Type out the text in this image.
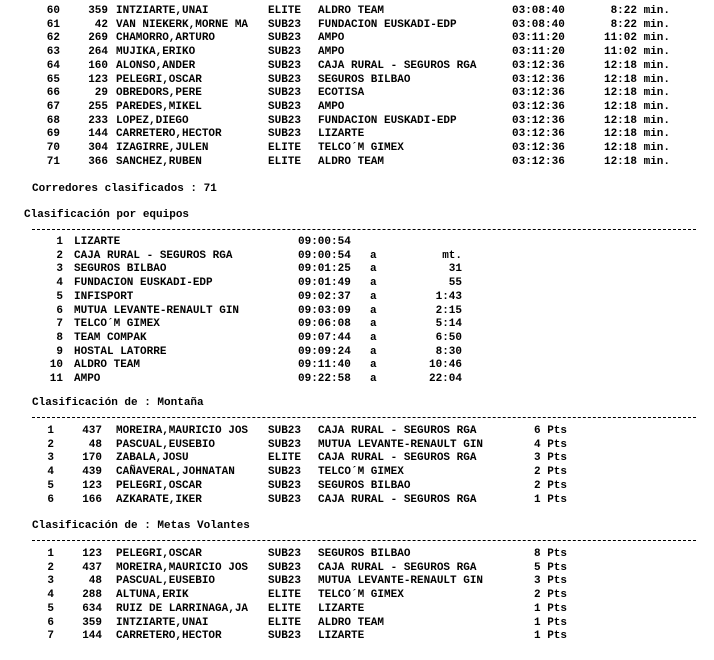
Corredores clasificados : 71
Clasificación por equipos
Clasificación de : Montaña
Clasificación de : Metas Volantes
60	359 INTZIARTE,UNAI	ELITE ALDRO TEAM	03:08:40	8:22 min.
61	42 VAN NIEKERK,MORNE MA SUB23 FUNDACION EUSKADI-EDP	03:08:40	8:22 min.
62	269 CHAMORRO,ARTURO	SUB23 AMPO	03:11:20	11:02 min.
63	264 MUJIKA,ERIKO	SUB23 AMPO	03:11:20	11:02 min.
64	160 ALONSO,ANDER	SUB23 CAJA RURAL - SEGUROS RGA	03:12:36	12:18 min.
65	123 PELEGRI,OSCAR	SUB23 SEGUROS BILBAO	03:12:36	12:18 min.
66	29 OBREDORS,PERE	SUB23 ECOTISA	03:12:36	12:18 min.
67	255 PAREDES,MIKEL	SUB23 AMPO	03:12:36	12:18 min.
68	233 LOPEZ,DIEGO	SUB23 FUNDACION EUSKADI-EDP	03:12:36	12:18 min.
69	144 CARRETERO,HECTOR	SUB23 LIZARTE	03:12:36	12:18 min.
70	304 IZAGIRRE,JULEN	ELITE TELCO´M GIMEX	03:12:36	12:18 min.
71	366 SANCHEZ,RUBEN	ELITE ALDRO TEAM	03:12:36	12:18 min.
1 LIZARTE	09:00:54
2 CAJA RURAL - SEGUROS RGA	09:00:54 a	mt.
3 SEGUROS BILBAO	09:01:25 a	31
4 FUNDACION EUSKADI-EDP	09:01:49 a	55
5 INFISPORT	09:02:37 a	1:43
6 MUTUA LEVANTE-RENAULT GIN	09:03:09 a	2:15
7 TELCO´M GIMEX	09:06:08 a	5:14
8 TEAM COMPAK	09:07:44 a	6:50
9 HOSTAL LATORRE	09:09:24 a	8:30
10 ALDRO TEAM	09:11:40 a	10:46
11 AMPO	09:22:58 a	22:04
1	437 MOREIRA,MAURICIO JOS SUB23 CAJA RURAL - SEGUROS RGA	6 Pts
2	48 PASCUAL,EUSEBIO	SUB23 MUTUA LEVANTE-RENAULT GIN	4 Pts
3	170 ZABALA,JOSU	ELITE CAJA RURAL - SEGUROS RGA	3 Pts
4	439 CAÑAVERAL,JOHNATAN	SUB23 TELCO´M GIMEX	2 Pts
5	123 PELEGRI,OSCAR	SUB23 SEGUROS BILBAO	2 Pts
6	166 AZKARATE,IKER	SUB23 CAJA RURAL - SEGUROS RGA	1 Pts
1	123 PELEGRI,OSCAR	SUB23 SEGUROS BILBAO	8 Pts
2	437 MOREIRA,MAURICIO JOS SUB23 CAJA RURAL - SEGUROS RGA	5 Pts
3	48 PASCUAL,EUSEBIO	SUB23 MUTUA LEVANTE-RENAULT GIN	3 Pts
4	288 ALTUNA,ERIK	ELITE TELCO´M GIMEX	2 Pts
5	634 RUIZ DE LARRINAGA,JA ELITE LIZARTE	1 Pts
6	359 INTZIARTE,UNAI	ELITE ALDRO TEAM	1 Pts
7	144 CARRETERO,HECTOR	SUB23 LIZARTE	1 Pts
